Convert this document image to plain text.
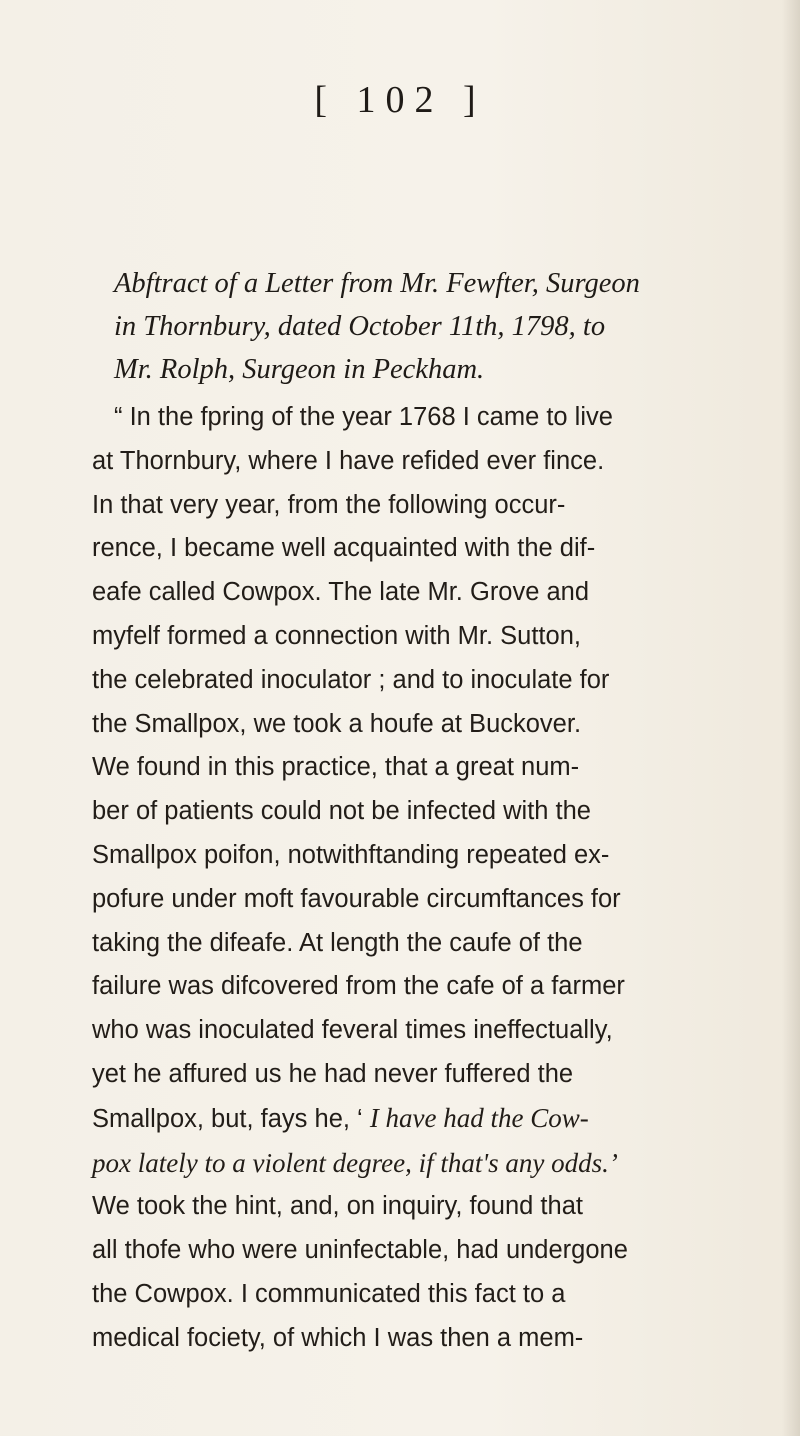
[ 102 ]
Abftract of a Letter from Mr. Fewfter, Surgeon
in Thornbury, dated October 11th, 1798, to
Mr. Rolph, Surgeon in Peckham.
“ In the fpring of the year 1768 I came to live
at Thornbury, where I have refided ever fince.
In that very year, from the following occur-
rence, I became well acquainted with the dif-
eafe called Cowpox. The late Mr. Grove and
myfelf formed a connection with Mr. Sutton,
the celebrated inoculator ; and to inoculate for
the Smallpox, we took a houfe at Buckover.
We found in this practice, that a great num-
ber of patients could not be infected with the
Smallpox poifon, notwithftanding repeated ex-
pofure under moft favourable circumftances for
taking the difeafe. At length the caufe of the
failure was difcovered from the cafe of a farmer
who was inoculated feveral times ineffectually,
yet he affured us he had never fuffered the
Smallpox, but, fays he, ‘ I have had the Cow-
pox lately to a violent degree, if that's any odds.’
We took the hint, and, on inquiry, found that
all thofe who were uninfectable, had undergone
the Cowpox. I communicated this fact to a
medical fociety, of which I was then a mem-
